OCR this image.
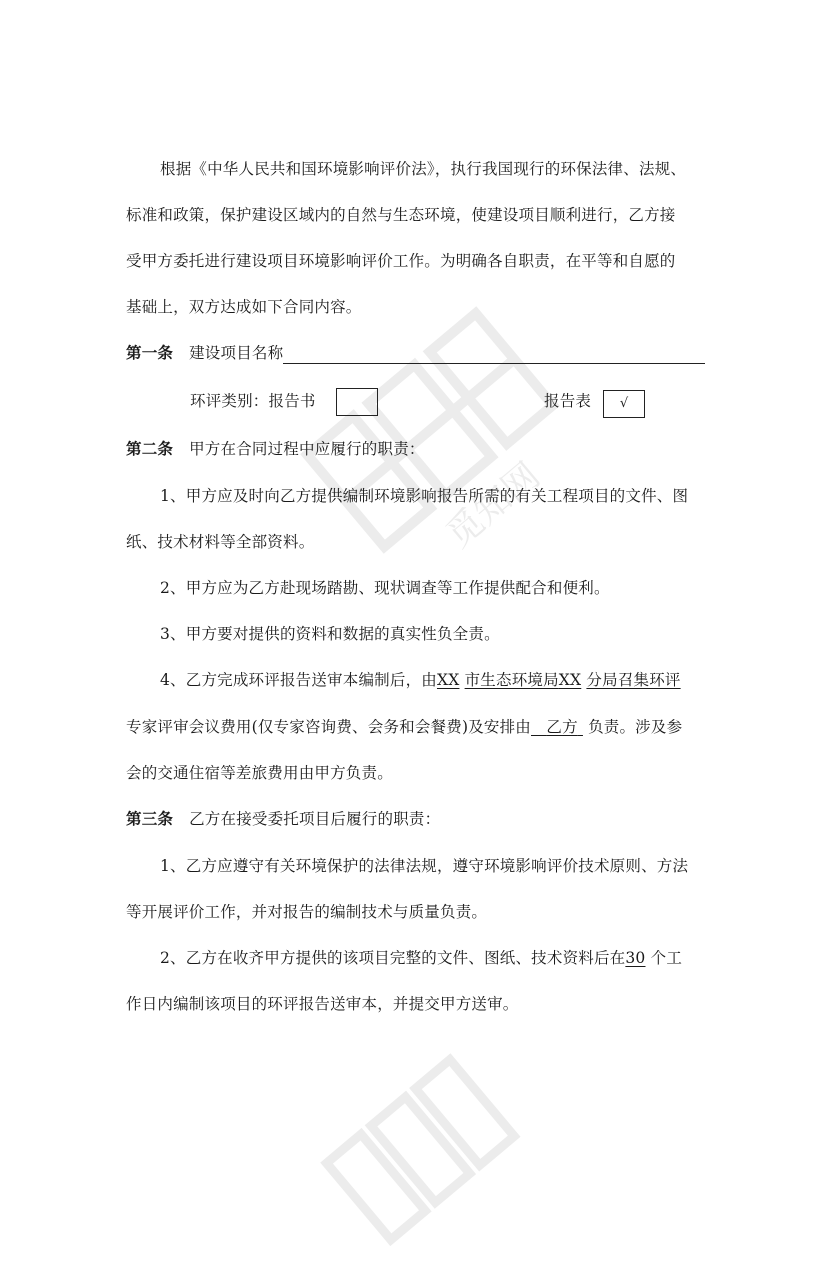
觅知网
根据《中华人民共和国环境影响评价法》，执行我国现行的环保法律、法规、
标准和政策，保护建设区域内的自然与生态环境，使建设项目顺利进行，乙方接
受甲方委托进行建设项目环境影响评价工作。为明确各自职责，在平等和自愿的
基础上，双方达成如下合同内容。
第一条 建设项目名称
环评类别：报告书	报告表	√
第二条 甲方在合同过程中应履行的职责：
1、甲方应及时向乙方提供编制环境影响报告所需的有关工程项目的文件、图
纸、技术材料等全部资料。
2、甲方应为乙方赴现场踏勘、现状调查等工作提供配合和便利。
3、甲方要对提供的资料和数据的真实性负全责。
4、乙方完成环评报告送审本编制后，由XX 市生态环境局XX 分局召集环评
专家评审会议费用(仅专家咨询费、会务和会餐费)及安排由 乙方 负责。涉及参
会的交通住宿等差旅费用由甲方负责。
第三条 乙方在接受委托项目后履行的职责：
1、乙方应遵守有关环境保护的法律法规，遵守环境影响评价技术原则、方法
等开展评价工作，并对报告的编制技术与质量负责。
2、乙方在收齐甲方提供的该项目完整的文件、图纸、技术资料后在30 个工
作日内编制该项目的环评报告送审本，并提交甲方送审。
